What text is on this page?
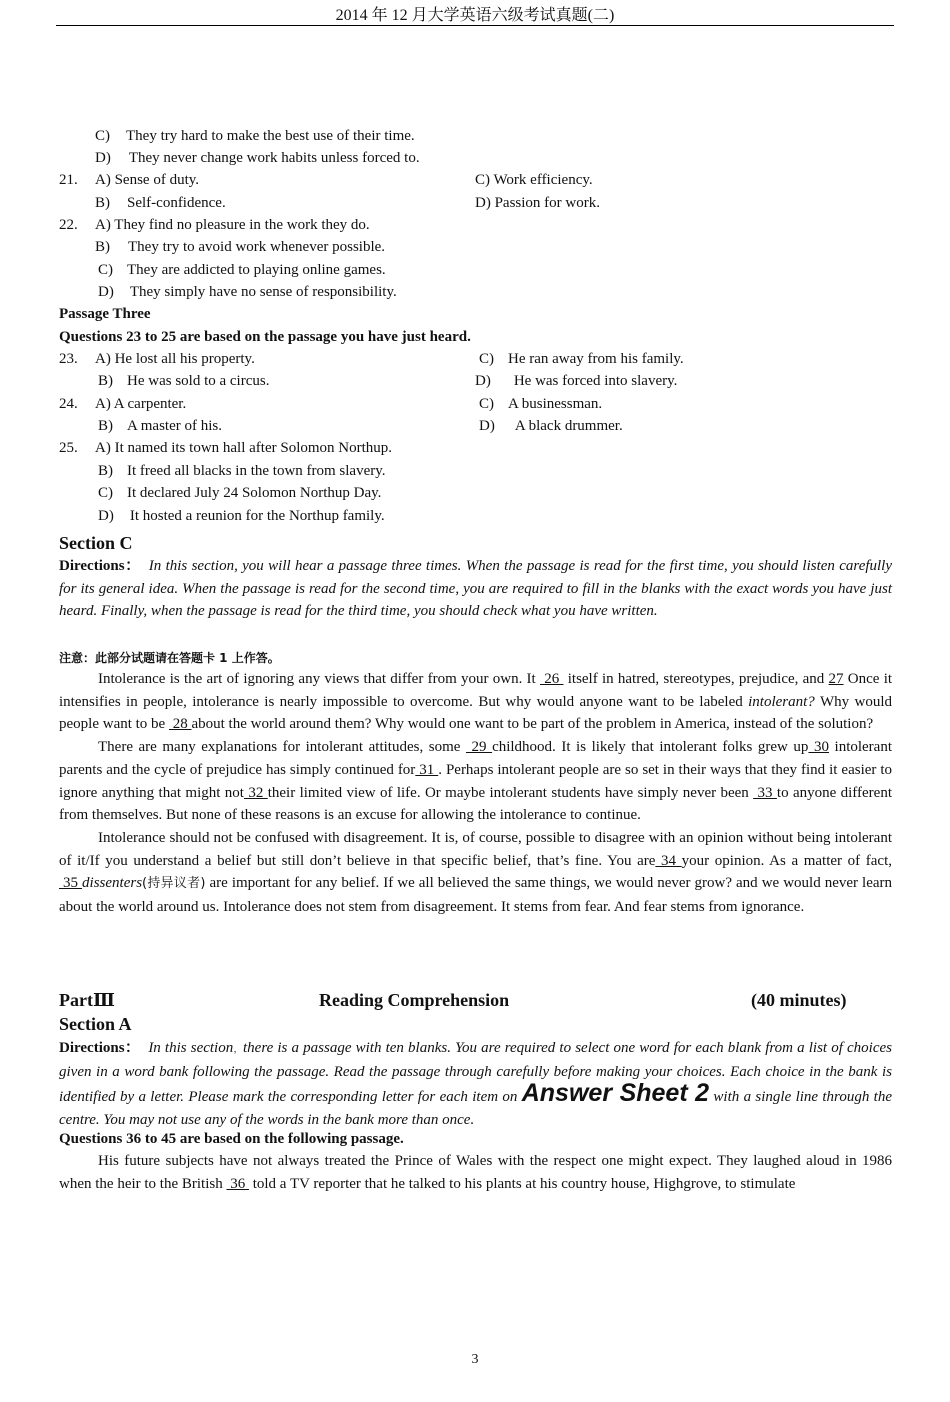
2014 年 12 月大学英语六级考试真题(二)
C) They try hard to make the best use of their time.
D) They never change work habits unless forced to.
21. A) Sense of duty.	C) Work efficiency.
B) Self-confidence.	D) Passion for work.
22. A) They find no pleasure in the work they do.
B) They try to avoid work whenever possible.
C) They are addicted to playing online games.
D) They simply have no sense of responsibility.
Passage Three
Questions 23 to 25 are based on the passage you have just heard.
23. A) He lost all his property.	C) He ran away from his family.
B) He was sold to a circus.	D) He was forced into slavery.
24. A) A carpenter.	C) A businessman.
B) A master of his.	D) A black drummer.
25. A) It named its town hall after Solomon Northup.
B) It freed all blacks in the town from slavery.
C) It declared July 24 Solomon Northup Day.
D) It hosted a reunion for the Northup family.
Section C

Directions： In this section, you will hear a passage three times. When the passage is read for the first time, you should listen carefully for its general idea. When the passage is read for the second time, you are required to fill in the blanks with the exact words you have just heard. Finally, when the passage is read for the third time, you should check what you have written.

注意：此部分试题请在答题卡 1 上作答。

Intolerance is the art of ignoring any views that differ from your own. It  26  itself in hatred, stereotypes, prejudice, and 27 Once it intensifies in people, intolerance is nearly impossible to overcome. But why would anyone want to be labeled intolerant? Why would people want to be  28 about the world around them? Why would one want to be part of the problem in America, instead of the solution?

There are many explanations for intolerant attitudes, some  29 childhood. It is likely that intolerant folks grew up 30 intolerant parents and the cycle of prejudice has simply continued for 31 . Perhaps intolerant people are so set in their ways that they find it easier to ignore anything that might not 32 their limited view of life. Or maybe intolerant students have simply never been  33 to anyone different from themselves. But none of these reasons is an excuse for allowing the intolerance to continue.

Intolerance should not be confused with disagreement. It is, of course, possible to disagree with an opinion without being intolerant of it/If you understand a belief but still don’t believe in that specific belief, that’s fine. You are 34 your opinion. As a matter of fact,  35 dissenters(持异议者) are important for any belief. If we all believed the same things, we would never grow? and we would never learn about the world around us. Intolerance does not stem from disagreement. It stems from fear. And fear stems from ignorance.

PartⅢ	Reading Comprehension	(40 minutes)
Section A

Directions： In this section，there is a passage with ten blanks. You are required to select one word for each blank from a list of choices given in a word bank following the passage. Read the passage through carefully before making your choices. Each choice in the bank is identified by a letter. Please mark the corresponding letter for each item on Answer Sheet 2 with a single line through the centre. You may not use any of the words in the bank more than once.

Questions 36 to 45 are based on the following passage.

His future subjects have not always treated the Prince of Wales with the respect one might expect. They laughed aloud in 1986 when the heir to the British  36  told a TV reporter that he talked to his plants at his country house, Highgrove, to stimulate

3
